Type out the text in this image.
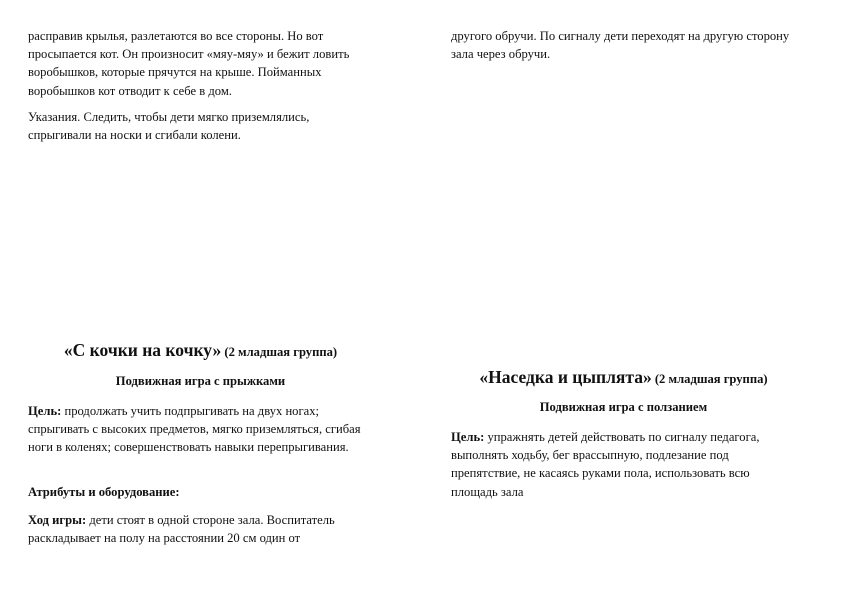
расправив крылья, разлетаются во все стороны. Но вот просыпается кот. Он произносит «мяу-мяу» и бежит ловить воробышков, которые прячутся на крыше. Пойманных воробышков кот отводит к себе в дом.

Указания. Следить, чтобы дети мягко приземлялись, спрыгивали на носки и сгибали колени.

«С кочки на кочку» (2 младшая группа)
Подвижная игра с прыжками

Цель: продолжать учить подпрыгивать на двух ногах; спрыгивать с высоких предметов, мягко приземляться, сгибая ноги в коленях; совершенствовать навыки перепрыгивания.

Атрибуты и оборудование:

Ход игры: дети стоят в одной стороне зала. Воспитатель раскладывает на полу на расстоянии 20 см один от

другого обручи. По сигналу дети переходят на другую сторону зала через обручи.

«Наседка и цыплята» (2 младшая группа)
Подвижная игра с ползанием

Цель: упражнять детей действовать по сигналу педагога, выполнять ходьбу, бег врассыпную, подлезание под препятствие, не касаясь руками пола, использовать всю площадь зала
